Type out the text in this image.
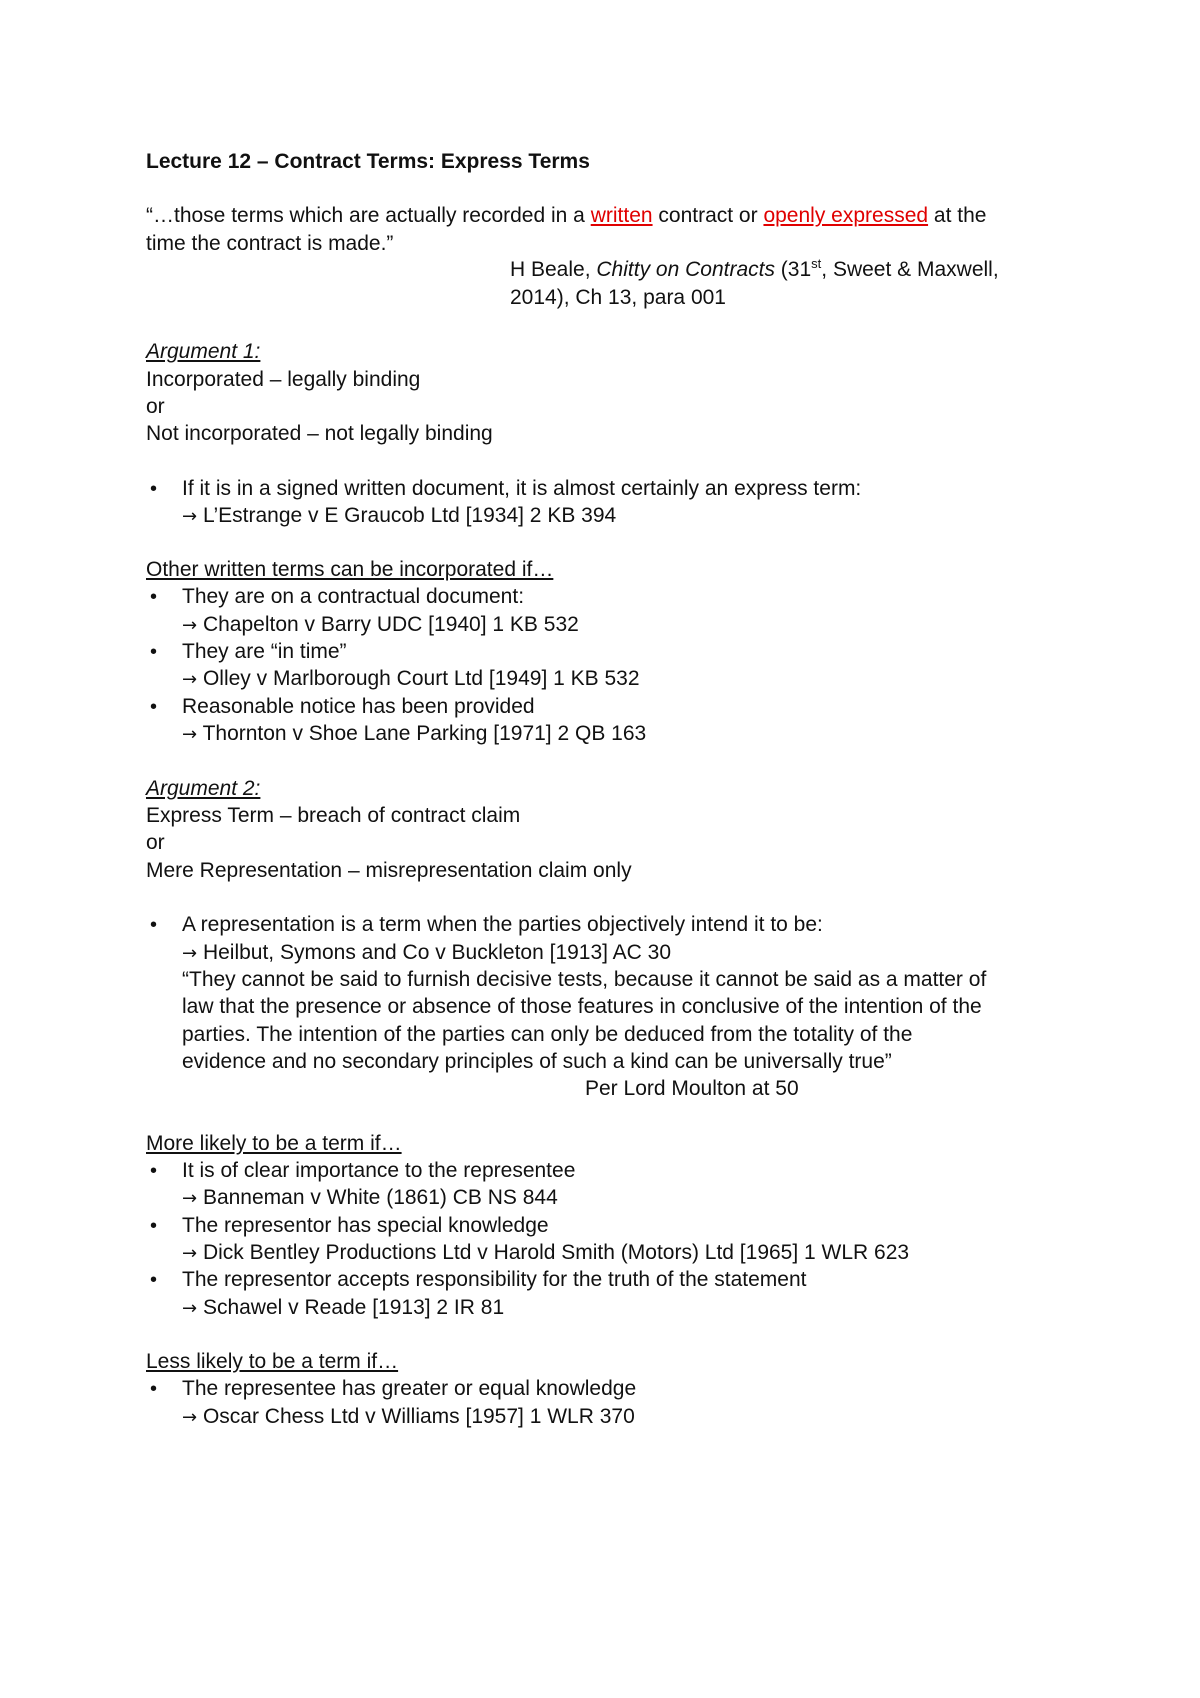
Lecture 12 – Contract Terms: Express Terms
“…those terms which are actually recorded in a written contract or openly expressed at the
time the contract is made.”
H Beale, Chitty on Contracts (31st, Sweet & Maxwell,
2014), Ch 13, para 001
Argument 1:
Incorporated – legally binding
or
Not incorporated – not legally binding
• If it is in a signed written document, it is almost certainly an express term:
→ L’Estrange v E Graucob Ltd [1934] 2 KB 394
Other written terms can be incorporated if…
• They are on a contractual document:
→ Chapelton v Barry UDC [1940] 1 KB 532
• They are “in time”
→ Olley v Marlborough Court Ltd [1949] 1 KB 532
• Reasonable notice has been provided
→ Thornton v Shoe Lane Parking [1971] 2 QB 163
Argument 2:
Express Term – breach of contract claim
or
Mere Representation – misrepresentation claim only
• A representation is a term when the parties objectively intend it to be:
→ Heilbut, Symons and Co v Buckleton [1913] AC 30
“They cannot be said to furnish decisive tests, because it cannot be said as a matter of
law that the presence or absence of those features in conclusive of the intention of the
parties. The intention of the parties can only be deduced from the totality of the
evidence and no secondary principles of such a kind can be universally true”
Per Lord Moulton at 50
More likely to be a term if…
• It is of clear importance to the representee
→ Banneman v White (1861) CB NS 844
• The representor has special knowledge
→ Dick Bentley Productions Ltd v Harold Smith (Motors) Ltd [1965] 1 WLR 623
• The representor accepts responsibility for the truth of the statement
→ Schawel v Reade [1913] 2 IR 81
Less likely to be a term if…
• The representee has greater or equal knowledge
→ Oscar Chess Ltd v Williams [1957] 1 WLR 370
